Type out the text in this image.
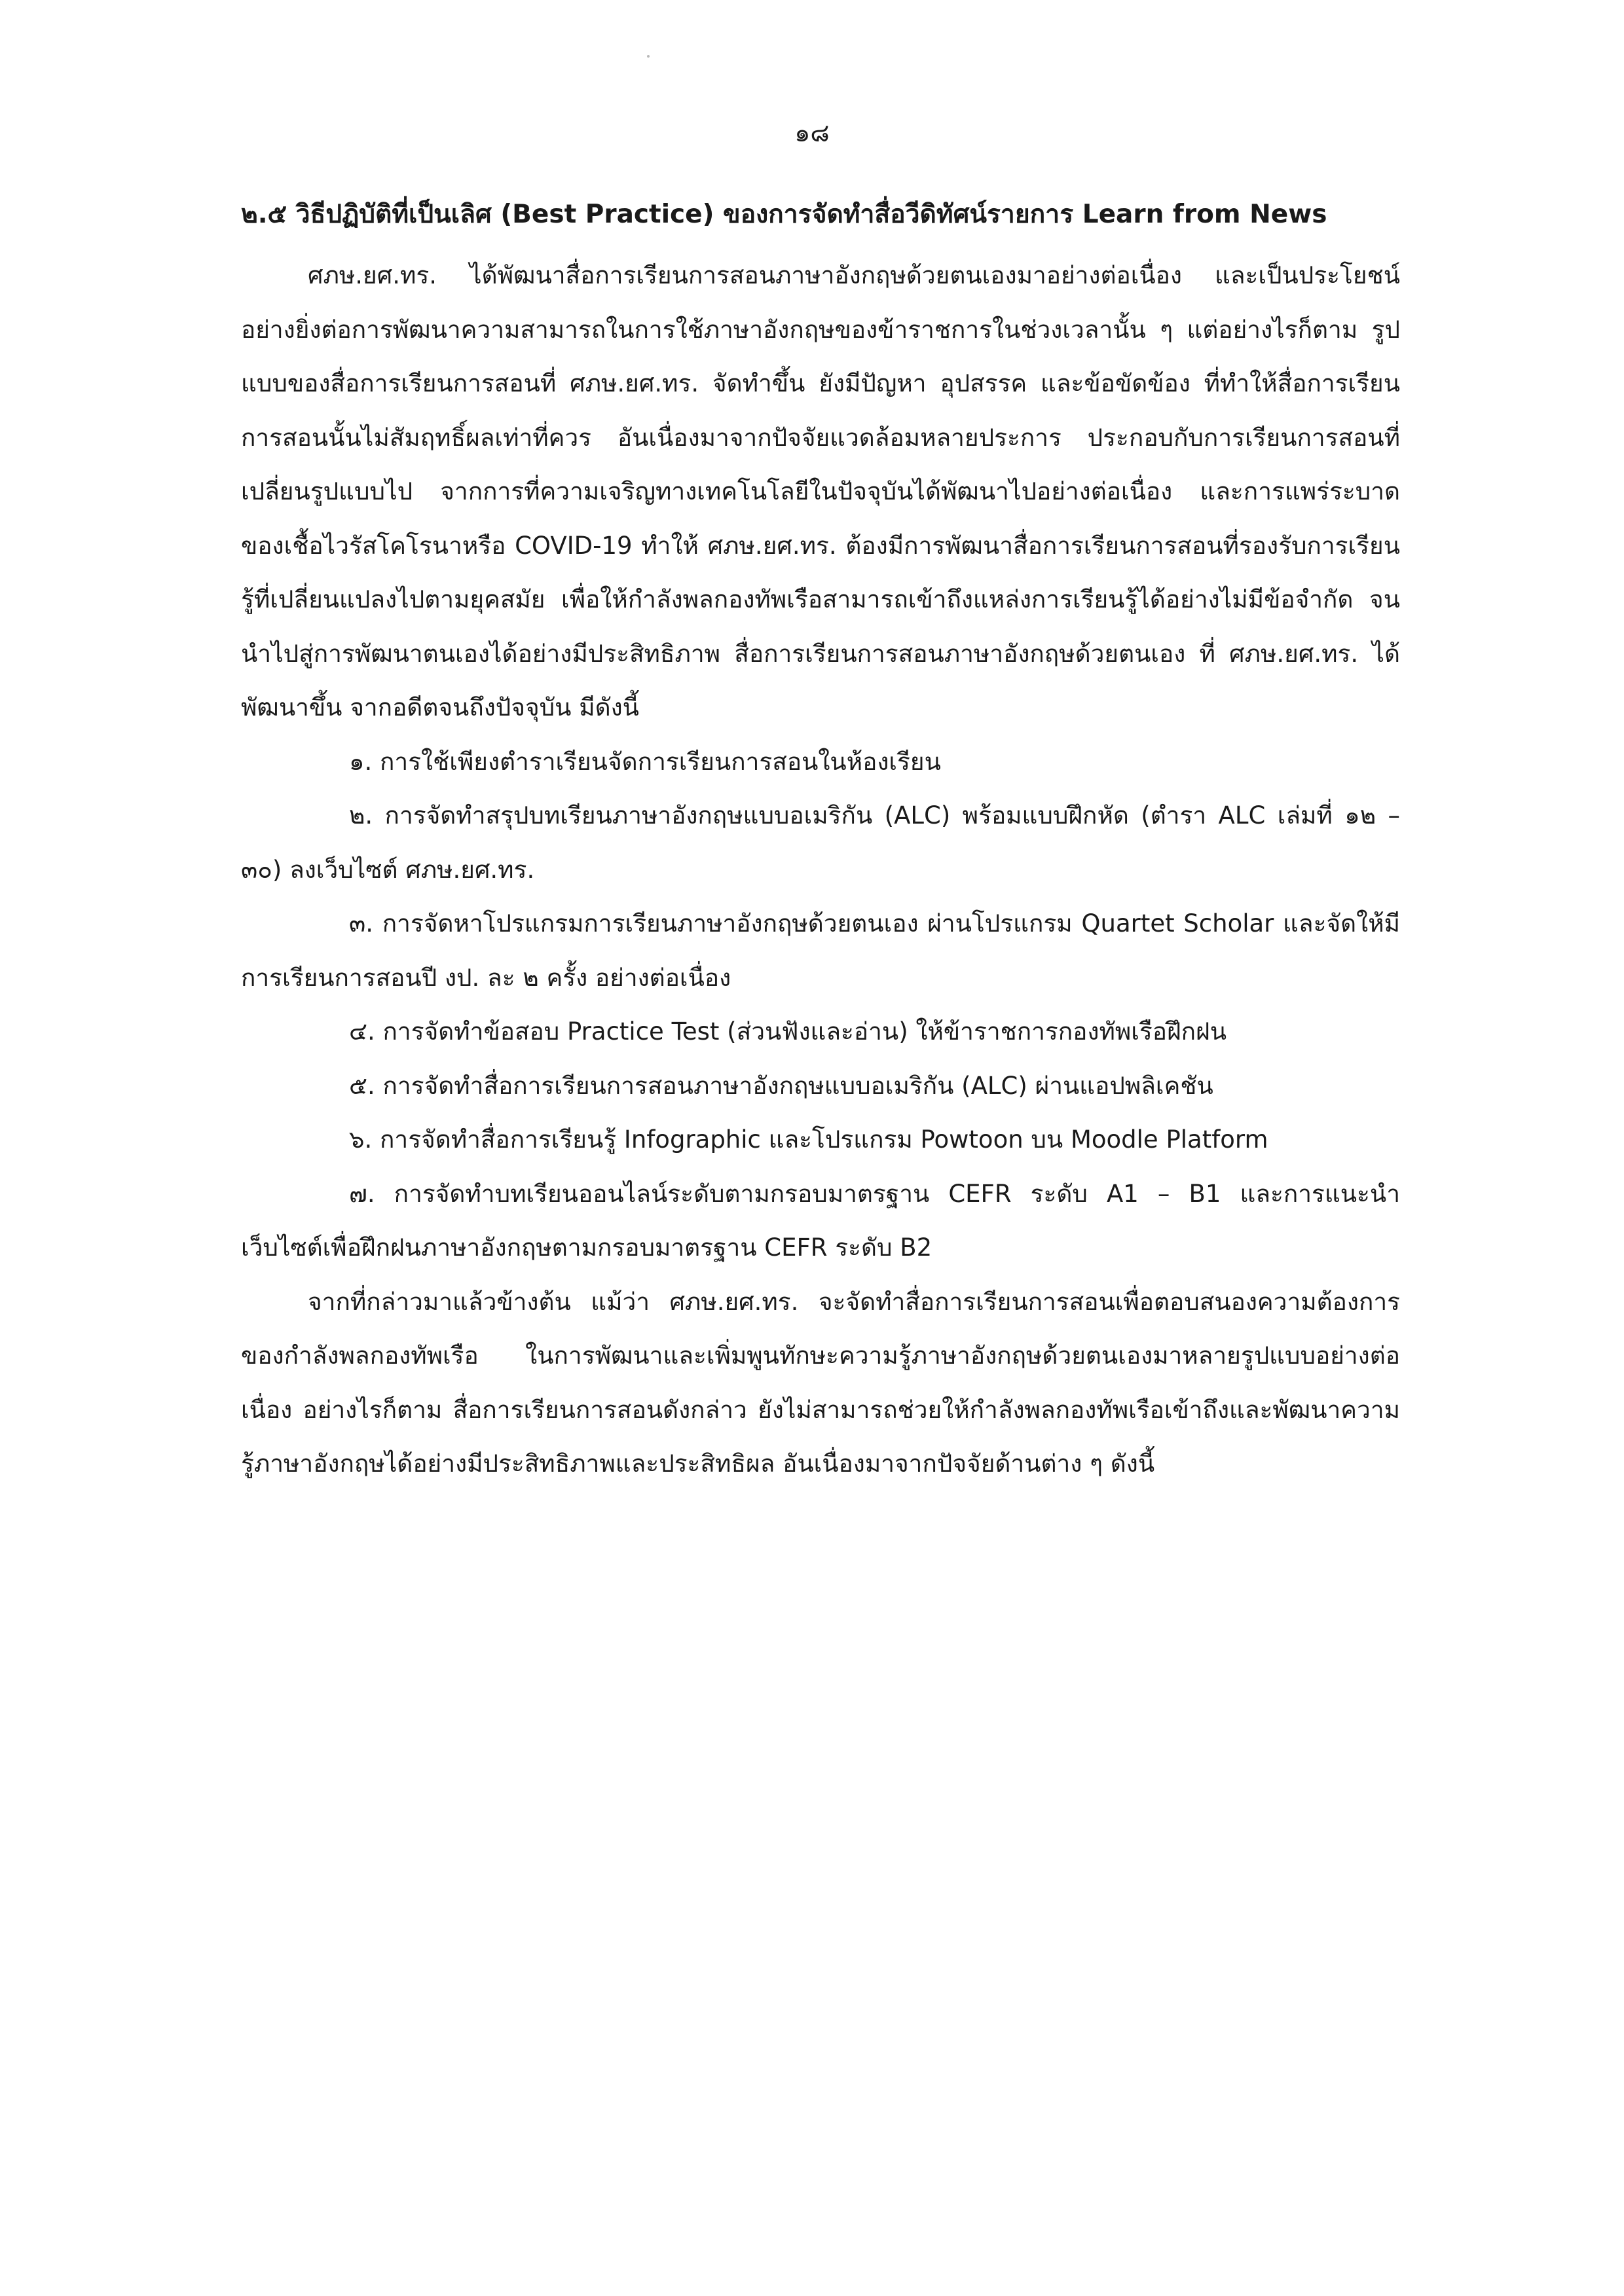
๑๘
๒.๕ วิธีปฏิบัติที่เป็นเลิศ (Best Practice) ของการจัดทำสื่อวีดิทัศน์รายการ Learn from News

ศภษ.ยศ.ทร. ได้พัฒนาสื่อการเรียนการสอนภาษาอังกฤษด้วยตนเองมาอย่างต่อเนื่อง และเป็นประโยชน์อย่างยิ่งต่อการพัฒนาความสามารถในการใช้ภาษาอังกฤษของข้าราชการในช่วงเวลานั้น ๆ แต่อย่างไรก็ตาม รูปแบบของสื่อการเรียนการสอนที่ ศภษ.ยศ.ทร. จัดทำขึ้น ยังมีปัญหา อุปสรรค และข้อขัดข้อง ที่ทำให้สื่อการเรียนการสอนนั้นไม่สัมฤทธิ์ผลเท่าที่ควร อันเนื่องมาจากปัจจัยแวดล้อมหลายประการ ประกอบกับการเรียนการสอนที่เปลี่ยนรูปแบบไป จากการที่ความเจริญทางเทคโนโลยีในปัจจุบันได้พัฒนาไปอย่างต่อเนื่อง และการแพร่ระบาดของเชื้อไวรัสโคโรนาหรือ COVID-19 ทำให้ ศภษ.ยศ.ทร. ต้องมีการพัฒนาสื่อการเรียนการสอนที่รองรับการเรียนรู้ที่เปลี่ยนแปลงไปตามยุคสมัย เพื่อให้กำลังพลกองทัพเรือสามารถเข้าถึงแหล่งการเรียนรู้ได้อย่างไม่มีข้อจำกัด จนนำไปสู่การพัฒนาตนเองได้อย่างมีประสิทธิภาพ สื่อการเรียนการสอนภาษาอังกฤษด้วยตนเอง ที่ ศภษ.ยศ.ทร. ได้พัฒนาขึ้น จากอดีตจนถึงปัจจุบัน มีดังนี้

๑. การใช้เพียงตำราเรียนจัดการเรียนการสอนในห้องเรียน

๒. การจัดทำสรุปบทเรียนภาษาอังกฤษแบบอเมริกัน (ALC) พร้อมแบบฝึกหัด (ตำรา ALC เล่มที่ ๑๒ – ๓๐) ลงเว็บไซต์ ศภษ.ยศ.ทร.

๓. การจัดหาโปรแกรมการเรียนภาษาอังกฤษด้วยตนเอง ผ่านโปรแกรม Quartet Scholar และจัดให้มีการเรียนการสอนปี งป. ละ ๒ ครั้ง อย่างต่อเนื่อง

๔. การจัดทำข้อสอบ Practice Test (ส่วนฟังและอ่าน) ให้ข้าราชการกองทัพเรือฝึกฝน

๕. การจัดทำสื่อการเรียนการสอนภาษาอังกฤษแบบอเมริกัน (ALC) ผ่านแอปพลิเคชัน

๖. การจัดทำสื่อการเรียนรู้ Infographic และโปรแกรม Powtoon บน Moodle Platform

๗. การจัดทำบทเรียนออนไลน์ระดับตามกรอบมาตรฐาน CEFR ระดับ A1 – B1 และการแนะนำเว็บไซต์เพื่อฝึกฝนภาษาอังกฤษตามกรอบมาตรฐาน CEFR ระดับ B2

จากที่กล่าวมาแล้วข้างต้น แม้ว่า ศภษ.ยศ.ทร. จะจัดทำสื่อการเรียนการสอนเพื่อตอบสนองความต้องการของกำลังพลกองทัพเรือ ในการพัฒนาและเพิ่มพูนทักษะความรู้ภาษาอังกฤษด้วยตนเองมาหลายรูปแบบอย่างต่อเนื่อง อย่างไรก็ตาม สื่อการเรียนการสอนดังกล่าว ยังไม่สามารถช่วยให้กำลังพลกองทัพเรือเข้าถึงและพัฒนาความรู้ภาษาอังกฤษได้อย่างมีประสิทธิภาพและประสิทธิผล อันเนื่องมาจากปัจจัยด้านต่าง ๆ ดังนี้
